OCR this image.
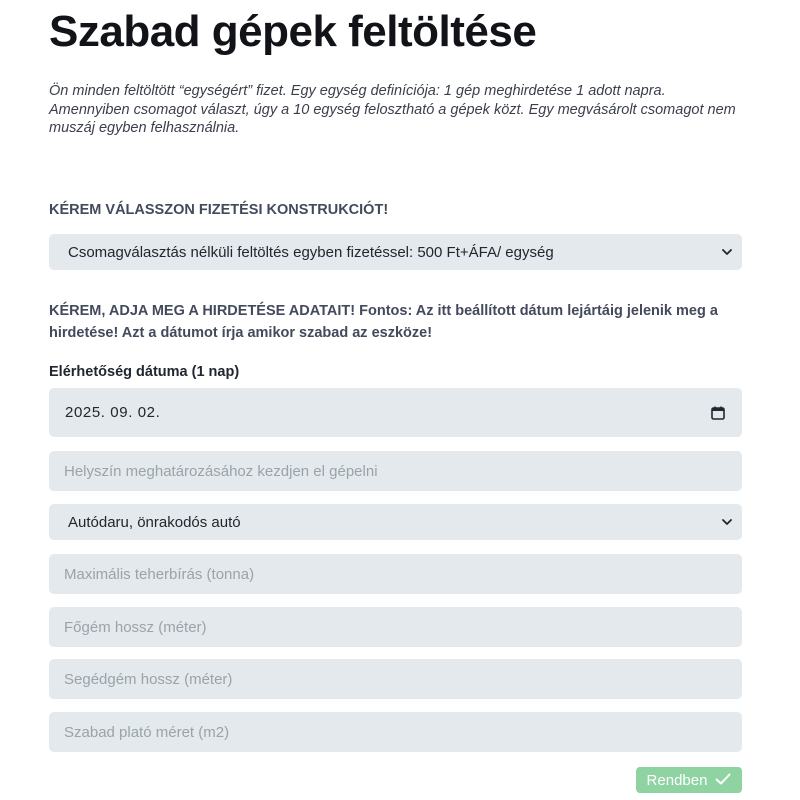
Szabad gépek feltöltése
Ön minden feltöltött “egységért” fizet. Egy egység definíciója: 1 gép meghirdetése 1 adott napra. Amennyiben csomagot választ, úgy a 10 egység felosztható a gépek közt. Egy megvásárolt csomagot nem muszáj egyben felhasználnia.
KÉREM VÁLASSZON FIZETÉSI KONSTRUKCIÓT!
Csomagválasztás nélküli feltöltés egyben fizetéssel: 500 Ft+ÁFA/ egység
KÉREM, ADJA MEG A HIRDETÉSE ADATAIT! Fontos: Az itt beállított dátum lejártáig jelenik meg a hirdetése! Azt a dátumot írja amikor szabad az eszköze!
Elérhetőség dátuma (1 nap)
2025. 09. 02.
Helyszín meghatározásához kezdjen el gépelni
Autódaru, önrakodós autó
Maximális teherbírás (tonna)
Főgém hossz (méter)
Segédgém hossz (méter)
Szabad plató méret (m2)
Rendben
